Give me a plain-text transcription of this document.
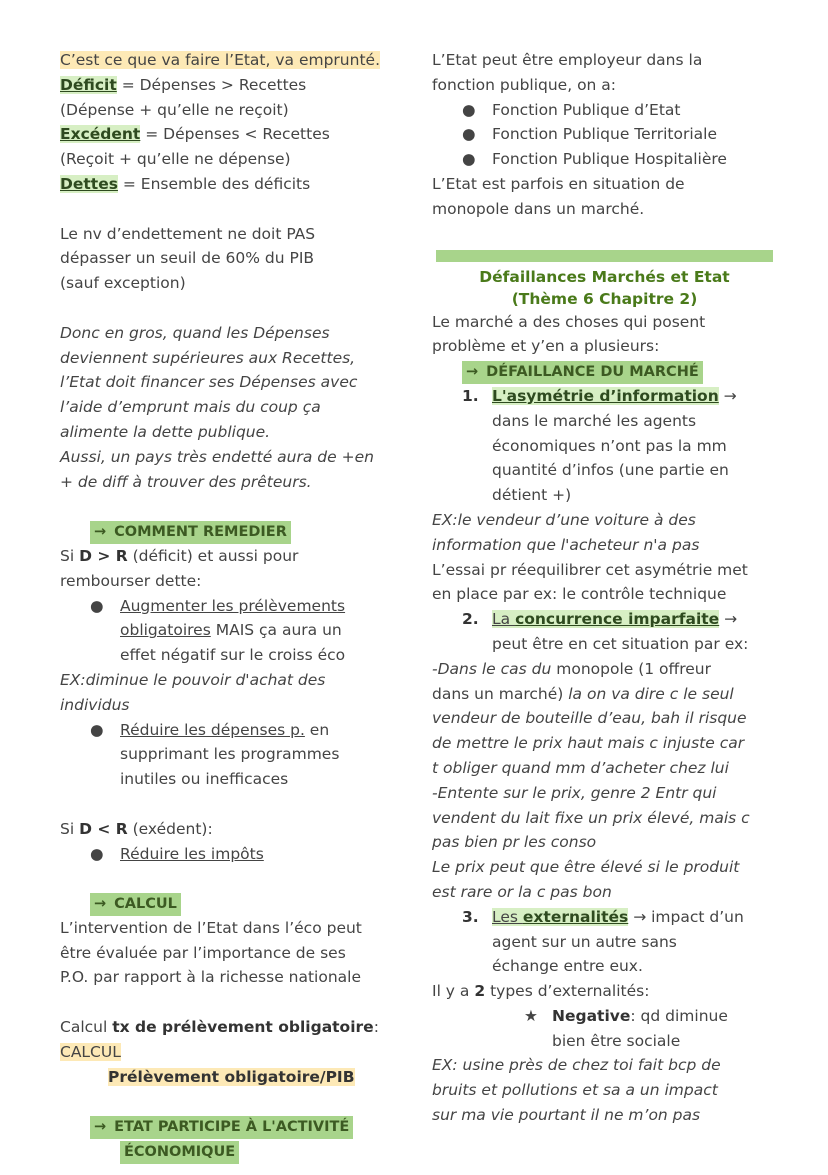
C’est ce que va faire l’Etat, va emprunté.
Déficit = Dépenses > Recettes
(Dépense + qu’elle ne reçoit)
Excédent = Dépenses < Recettes
(Reçoit + qu’elle ne dépense)
Dettes = Ensemble des déficits
Le nv d’endettement ne doit PAS
dépasser un seuil de 60% du PIB
(sauf exception)
Donc en gros, quand les Dépenses
deviennent supérieures aux Recettes,
l’Etat doit financer ses Dépenses avec
l’aide d’emprunt mais du coup ça
alimente la dette publique.
Aussi, un pays très endetté aura de +en
+ de diff à trouver des prêteurs.
→ COMMENT REMEDIER
Si D > R (déficit) et aussi pour
rembourser dette:
● Augmenter les prélèvements
obligatoires MAIS ça aura un
effet négatif sur le croiss éco
EX:diminue le pouvoir d'achat des
individus
● Réduire les dépenses p. en
supprimant les programmes
inutiles ou inefficaces
Si D < R (exédent):
● Réduire les impôts
→ CALCUL
L’intervention de l’Etat dans l’éco peut
être évaluée par l’importance de ses
P.O. par rapport à la richesse nationale
Calcul tx de prélèvement obligatoire:
CALCUL
Prélèvement obligatoire/PIB
→ ETAT PARTICIPE À L'ACTIVITÉ
ÉCONOMIQUE
L’Etat peut être employeur dans la
fonction publique, on a:
● Fonction Publique d’Etat
● Fonction Publique Territoriale
● Fonction Publique Hospitalière
L’Etat est parfois en situation de
monopole dans un marché.
Défaillances Marchés et Etat
(Thème 6 Chapitre 2)
Le marché a des choses qui posent
problème et y’en a plusieurs:
→ DÉFAILLANCE DU MARCHÉ
1. L'asymétrie d’information →
dans le marché les agents
économiques n’ont pas la mm
quantité d’infos (une partie en
détient +)
EX:le vendeur d’une voiture à des
information que l'acheteur n'a pas
L’essai pr réequilibrer cet asymétrie met
en place par ex: le contrôle technique
2. La concurrence imparfaite →
peut être en cet situation par ex:
-Dans le cas du monopole (1 offreur
dans un marché) la on va dire c le seul
vendeur de bouteille d’eau, bah il risque
de mettre le prix haut mais c injuste car
t obliger quand mm d’acheter chez lui
-Entente sur le prix, genre 2 Entr qui
vendent du lait fixe un prix élevé, mais c
pas bien pr les conso
Le prix peut que être élevé si le produit
est rare or la c pas bon
3. Les externalités → impact d’un
agent sur un autre sans
échange entre eux.
Il y a 2 types d’externalités:
★ Negative: qd diminue
bien être sociale
EX: usine près de chez toi fait bcp de
bruits et pollutions et sa a un impact
sur ma vie pourtant il ne m’on pas
